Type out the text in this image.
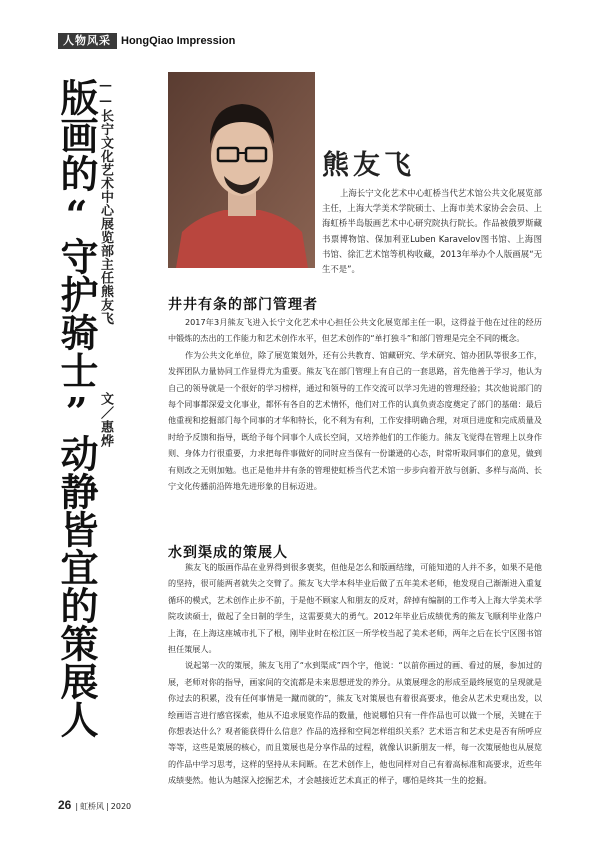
人物风采 HongQiao Impression
版画的“守护骑士”动静皆宜的策展人 ——长宁文化艺术中心展览部主任熊友飞
文／惠烨
熊友飞
上海长宁文化艺术中心虹桥当代艺术馆公共文化展览部主任，上海大学美术学院硕士、上海市美术家协会会员、上海虹桥半岛版画艺术中心研究院执行院长。作品被俄罗斯藏书票博物馆、保加利亚Luben Karavelov图书馆、上海图书馆、徐汇艺术馆等机构收藏，2013年举办个人版画展“无生不是”。
井井有条的部门管理者

2017年3月熊友飞进入长宁文化艺术中心担任公共文化展览部主任一职，这得益于他在过往的经历中锻炼的杰出的工作能力和艺术创作水平，但艺术创作的“单打独斗”和部门管理是完全不同的概念。

作为公共文化单位，除了展览策划外，还有公共教育、馆藏研究、学术研究、馆办团队等很多工作，发挥团队力量协同工作显得尤为重要。熊友飞在部门管理上有自己的一套思路，首先他善于学习，他认为自己的领导就是一个很好的学习榜样，通过和领导的工作交流可以学习先进的管理经验；其次他说部门的每个同事都深爱文化事业，都怀有各自的艺术情怀，他们对工作的认真负责态度奠定了部门的基础：最后他重视和挖掘部门每个同事的才华和特长，化不利为有利，工作安排明确合理，对项目进度和完成质量及时给予反馈和指导，既给予每个同事个人成长空间，又培养他们的工作能力。熊友飞觉得在管理上以身作则、身体力行很重要，力求把每件事做好的同时应当保有一份谦逊的心态，时常听取同事们的意见，做到有则改之无则加勉。也正是他井井有条的管理使虹桥当代艺术馆一步步向着开放与创新、多样与高尚、长宁文化传播前沿阵地先进形象的目标迈进。

水到渠成的策展人

熊友飞的版画作品在业界得到很多褒奖，但他是怎么和版画结缘，可能知道的人并不多，如果不是他的坚持，很可能两者就失之交臂了。熊友飞大学本科毕业后做了五年美术老师，他发现自己渐渐进入重复循环的模式，艺术创作止步不前，于是他不顾家人和朋友的反对，辞掉有编制的工作考入上海大学美术学院攻读硕士，做起了全日制的学生，这需要莫大的勇气。2012年毕业后成绩优秀的熊友飞顺利毕业落户上海，在上海这座城市扎下了根，刚毕业时在松江区一所学校当起了美术老师，两年之后在长宁区图书馆担任策展人。

说起第一次的策展，熊友飞用了“水到渠成”四个字，他说：“以前你画过的画、看过的展，参加过的展，老师对你的指导，画家间的交流都是未来思想迸发的养分。从策展理念的形成至最终展览的呈现就是你过去的积累，没有任何事情是一蹴而就的”，熊友飞对策展也有着很高要求，他会从艺术史观出发，以绘画语言进行感官探索，他从不追求展览作品的数量，他说哪怕只有一件作品也可以做一个展，关键在于你想表达什么？观者能获得什么信息？作品的选择和空间怎样组织关系？艺术语言和艺术史是否有所呼应等等，这些是策展的核心，而且策展也是分享作品的过程，就像认识新朋友一样，每一次策展他也从展览的作品中学习思考，这样的坚持从未间断。在艺术创作上，他也同样对自己有着高标准和高要求，近些年成绩斐然。他认为越深入挖掘艺术，才会越接近艺术真正的样子，哪怕是终其一生的挖掘。

26 | 虹桥风 | 2020
